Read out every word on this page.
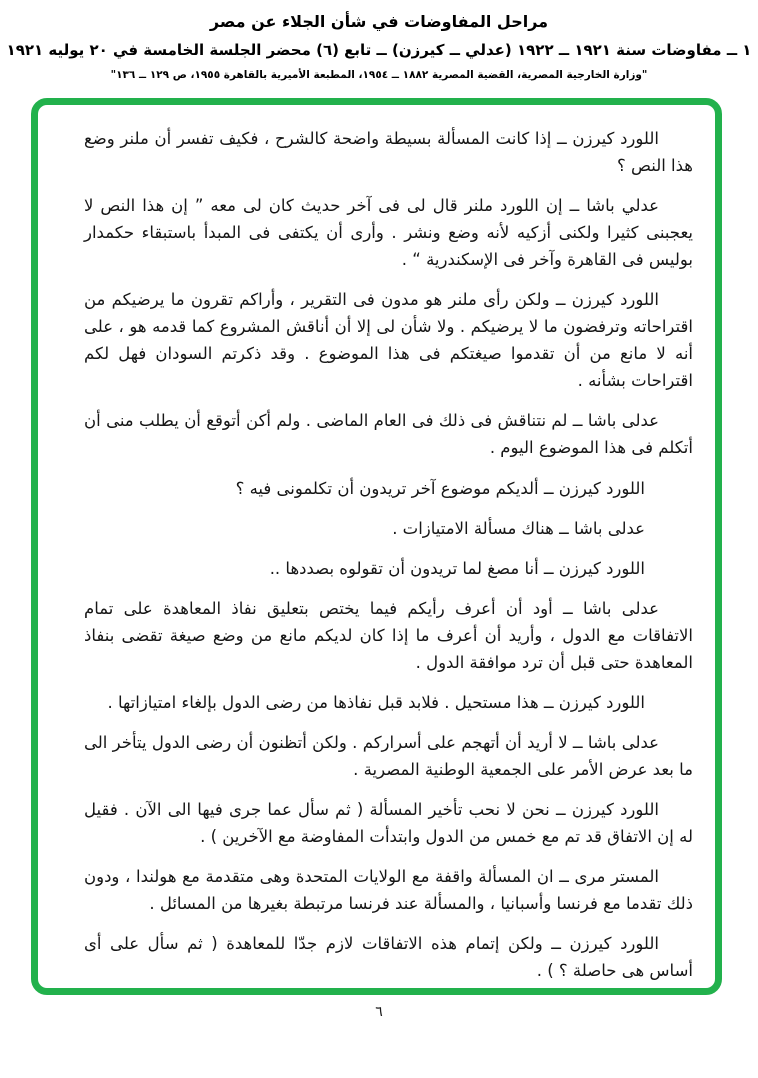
مراحل المفاوضات في شأن الجلاء عن مصر
١ ــ مفاوضات سنة ١٩٢١ ــ ١٩٢٢ (عدلي ــ كيرزن) ــ تابع (٦) محضر الجلسة الخامسة في ٢٠ يوليه ١٩٢١
"وزارة الخارجية المصرية، القضية المصرية ١٨٨٢ ــ ١٩٥٤، المطبعة الأميرية بالقاهرة ١٩٥٥، ص ١٢٩ ــ ١٣٦"

اللورد كيرزن ــ إذا كانت المسألة بسيطة واضحة كالشرح ، فكيف تفسر أن ملنر وضع هذا النص ؟

عدلي باشا ــ إن اللورد ملنر قال لى فى آخر حديث كان لى معه ” إن هذا النص لا يعجبنى كثيرا ولكنى أزكيه لأنه وضع ونشر . وأرى أن يكتفى فى المبدأ باستبقاء حكمدار بوليس فى القاهرة وآخر فى الإسكندرية “ .

اللورد كيرزن ــ ولكن رأى ملنر هو مدون فى التقرير ، وأراكم تقرون ما يرضيكم من اقتراحاته وترفضون ما لا يرضيكم . ولا شأن لى إلا أن أناقش المشروع كما قدمه هو ، على أنه لا مانع من أن تقدموا صيغتكم فى هذا الموضوع . وقد ذكرتم السودان فهل لكم اقتراحات بشأنه .

عدلى باشا ــ لم نتناقش فى ذلك فى العام الماضى . ولم أكن أتوقع أن يطلب منى أن أتكلم فى هذا الموضوع اليوم .

اللورد كيرزن ــ ألديكم موضوع آخر تريدون أن تكلمونى فيه ؟

عدلى باشا ــ هناك مسألة الامتيازات .

اللورد كيرزن ــ أنا مصغ لما تريدون أن تقولوه بصددها ..

عدلى باشا ــ أود أن أعرف رأيكم فيما يختص بتعليق نفاذ المعاهدة على تمام الاتفاقات مع الدول ، وأريد أن أعرف ما إذا كان لديكم مانع من وضع صيغة تقضى بنفاذ المعاهدة حتى قبل أن ترد موافقة الدول .

اللورد كيرزن ــ هذا مستحيل . فلابد قبل نفاذها من رضى الدول بإلغاء امتيازاتها .

عدلى باشا ــ لا أريد أن أتهجم على أسراركم . ولكن أتظنون أن رضى الدول يتأخر الى ما بعد عرض الأمر على الجمعية الوطنية المصرية .

اللورد كيرزن ــ نحن لا نحب تأخير المسألة ( ثم سأل عما جرى فيها الى الآن . فقيل له إن الاتفاق قد تم مع خمس من الدول وابتدأت المفاوضة مع الآخرين ) .

المستر مرى ــ ان المسألة واقفة مع الولايات المتحدة وهى متقدمة مع هولندا ، ودون ذلك تقدما مع فرنسا وأسبانيا ، والمسألة عند فرنسا مرتبطة بغيرها من المسائل .

اللورد كيرزن ــ ولكن إتمام هذه الاتفاقات لازم جدّا للمعاهدة ( ثم سأل على أى أساس هى حاصلة ؟ ) .

٦
